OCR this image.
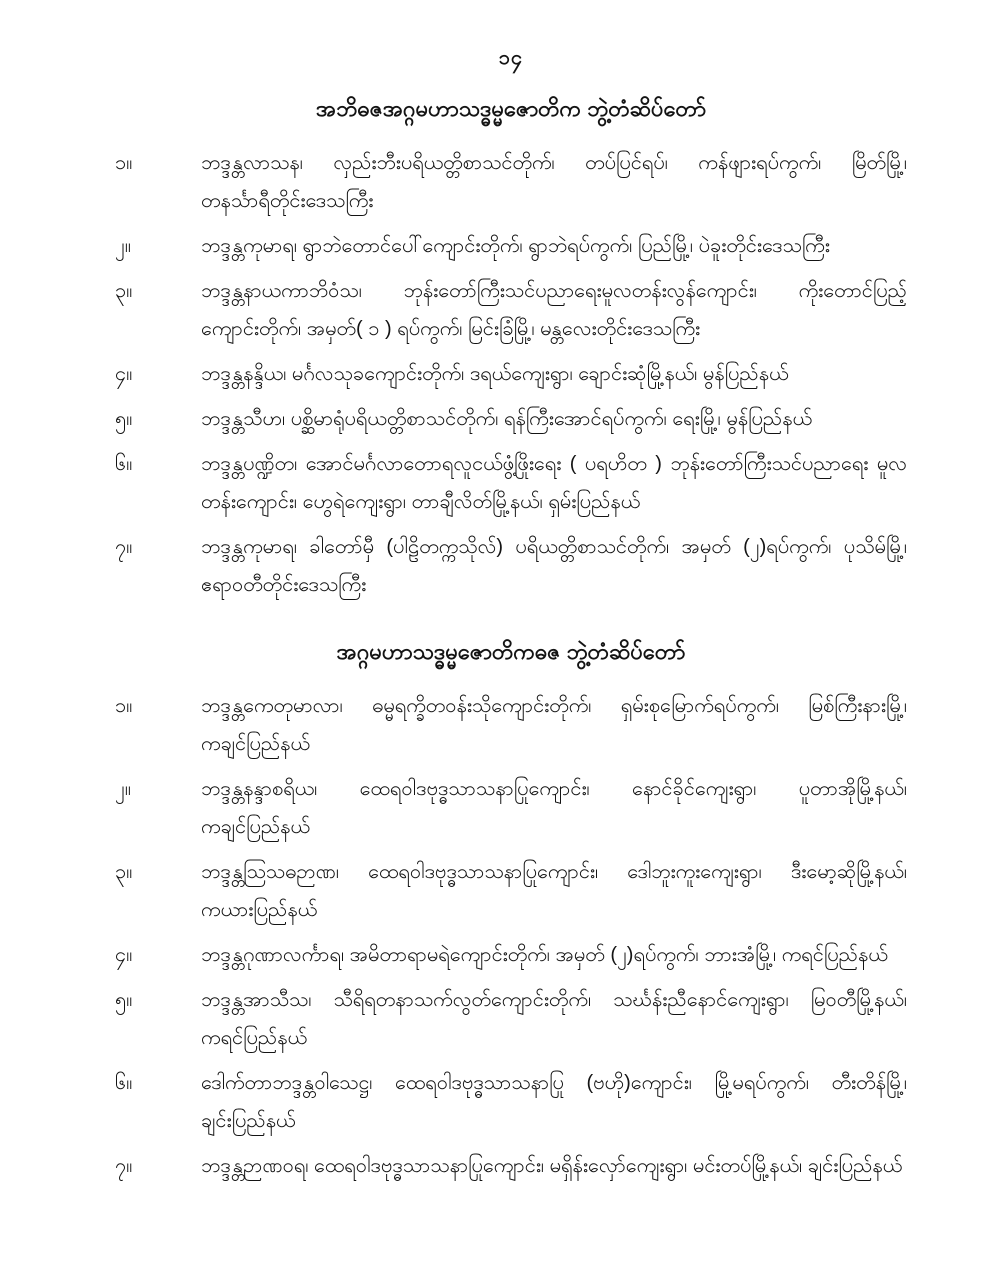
၁၄
အဘိဓဇအဂ္ဂမဟာသဒ္ဓမ္မဇောတိက ဘွဲ့တံဆိပ်တော်
၁။	ဘဒ္ဒန္တလာသန၊ လှည်းဘီးပရိယတ္တိစာသင်တိုက်၊ တပ်ပြင်ရပ်၊ ကန်ဖျားရပ်ကွက်၊ မြိတ်မြို့၊ တနင်္သာရီတိုင်းဒေသကြီး
၂။	ဘဒ္ဒန္တကုမာရ၊ ရွာဘဲတောင်ပေါ်ကျောင်းတိုက်၊ ရွာဘဲရပ်ကွက်၊ ပြည်မြို့၊ ပဲခူးတိုင်းဒေသကြီး
၃။	ဘဒ္ဒန္တနာယကာဘိဝံသ၊ ဘုန်းတော်ကြီးသင်ပညာရေးမူလတန်းလွန်ကျောင်း၊ ကိုးတောင်ပြည့် ကျောင်းတိုက်၊ အမှတ်( ၁ ) ရပ်ကွက်၊ မြင်းခြံမြို့၊ မန္တလေးတိုင်းဒေသကြီး
၄။	ဘဒ္ဒန္တနန္ဒိယ၊ မင်္ဂလသုခကျောင်းတိုက်၊ ဒရယ်ကျေးရွာ၊ ချောင်းဆုံမြို့နယ်၊ မွန်ပြည်နယ်
၅။	ဘဒ္ဒန္တသီဟ၊ ပစ္ဆိမာရုံပရိယတ္တိစာသင်တိုက်၊ ရန်ကြီးအောင်ရပ်ကွက်၊ ရေးမြို့၊ မွန်ပြည်နယ်
၆။	ဘဒ္ဒန္တပဏ္ဍိတ၊ အောင်မင်္ဂလာတောရလူငယ်ဖွံ့ဖြိုးရေး ( ပရဟိတ ) ဘုန်းတော်ကြီးသင်ပညာရေး မူလတန်းကျောင်း၊ ဟွေရဲကျေးရွာ၊ တာချီလိတ်မြို့နယ်၊ ရှမ်းပြည်နယ်
၇။	ဘဒ္ဒန္တကုမာရ၊ ခါတော်မှီ (ပါဠိတက္ကသိုလ်) ပရိယတ္တိစာသင်တိုက်၊ အမှတ် (၂)ရပ်ကွက်၊ ပုသိမ်မြို့၊ ဧရာဝတီတိုင်းဒေသကြီး
အဂ္ဂမဟာသဒ္ဓမ္မဇောတိကဓဇ ဘွဲ့တံဆိပ်တော်
၁။	ဘဒ္ဒန္တကေတုမာလာ၊ ဓမ္မရက္ခိတဝန်းသိုကျောင်းတိုက်၊ ရှမ်းစုမြောက်ရပ်ကွက်၊ မြစ်ကြီးနားမြို့၊ ကချင်ပြည်နယ်
၂။	ဘဒ္ဒန္တနန္ဒာစရိယ၊ ထေရဝါဒဗုဒ္ဓသာသနာပြုကျောင်း၊ နောင်ခိုင်ကျေးရွာ၊ ပူတာအိုမြို့နယ်၊ ကချင်ပြည်နယ်
၃။	ဘဒ္ဒန္တဩသဓဉာဏ၊ ထေရဝါဒဗုဒ္ဓသာသနာပြုကျောင်း၊ ဒေါဘူးကူးကျေးရွာ၊ ဒီးမော့ဆိုမြို့နယ်၊ ကယားပြည်နယ်
၄။	ဘဒ္ဒန္တဂုဏာလင်္ကာရ၊ အမိတာရာမရဲကျောင်းတိုက်၊ အမှတ် (၂)ရပ်ကွက်၊ ဘားအံမြို့၊ ကရင်ပြည်နယ်
၅။	ဘဒ္ဒန္တအာသီသ၊ သီရိရတနာသက်လွတ်ကျောင်းတိုက်၊ သင်္ဃန်းညီနောင်ကျေးရွာ၊ မြဝတီမြို့နယ်၊ ကရင်ပြည်နယ်
၆။	ဒေါက်တာဘဒ္ဒန္တဝါသေဋ္ဌ၊ ထေရဝါဒဗုဒ္ဓသာသနာပြု (ဗဟို)ကျောင်း၊ မြို့မရပ်ကွက်၊ တီးတိန်မြို့၊ ချင်းပြည်နယ်
၇။	ဘဒ္ဒန္တဉာဏဝရ၊ ထေရဝါဒဗုဒ္ဓသာသနာပြုကျောင်း၊ မရှိန်းလှော်ကျေးရွာ၊ မင်းတပ်မြို့နယ်၊ ချင်းပြည်နယ်
